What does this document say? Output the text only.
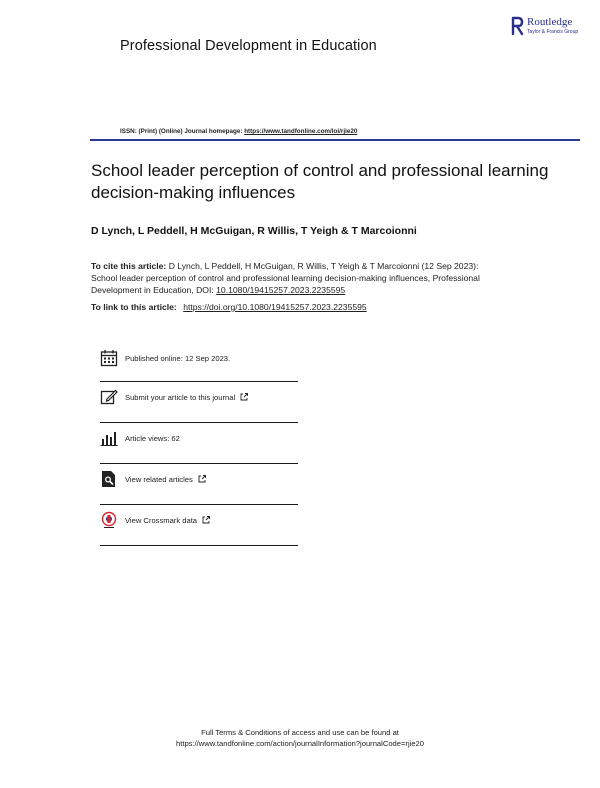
Professional Development in Education
Routledge
Taylor & Francis Group
ISSN: (Print) (Online) Journal homepage: https://www.tandfonline.com/loi/rjie20
School leader perception of control and professional learning decision-making influences
D Lynch, L Peddell, H McGuigan, R Willis, T Yeigh & T Marcoionni
To cite this article: D Lynch, L Peddell, H McGuigan, R Willis, T Yeigh & T Marcoionni (12 Sep 2023): School leader perception of control and professional learning decision-making influences, Professional Development in Education, DOI: 10.1080/19415257.2023.2235595
To link to this article: https://doi.org/10.1080/19415257.2023.2235595
Published online: 12 Sep 2023.
Submit your article to this journal
Article views: 62
View related articles
View Crossmark data
Full Terms & Conditions of access and use can be found at
https://www.tandfonline.com/action/journalInformation?journalCode=rjie20
